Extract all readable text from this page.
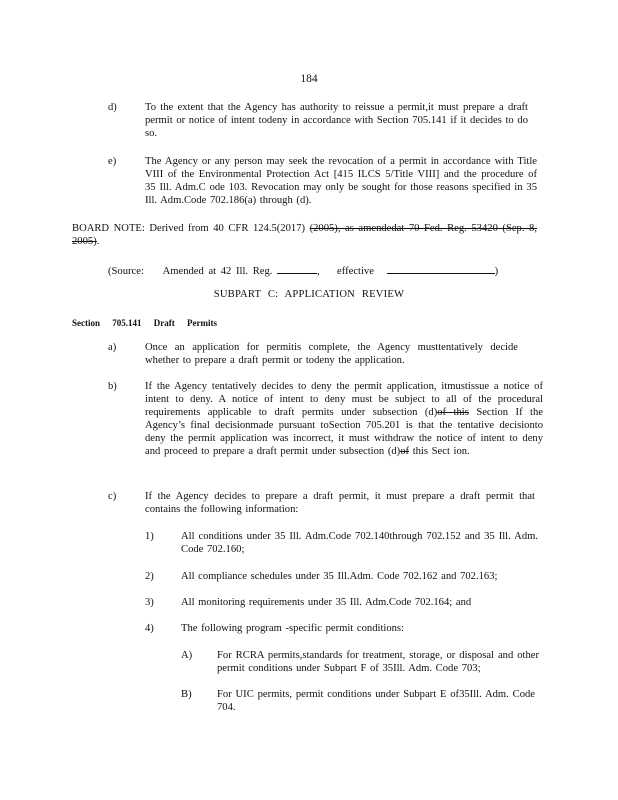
184
d)	To the extent that the Agency has authority to reissue a permit,it must prepare a draft permit or notice of intent todeny in accordance with Section 705.141 if it decides to do so.
e)	The Agency or any person may seek the revocation of a permit in accordance with Title VIII of the Environmental Protection Act [415 ILCS 5/Title VIII] and the procedure of 35 Ill. Adm.C ode 103. Revocation may only be sought for those reasons specified in 35 Ill. Adm.Code 702.186(a) through (d).
BOARD NOTE: Derived from 40 CFR 124.5(2017) (2005), as amendedat 70 Fed. Reg. 53420 (Sep. 8, 2005).
(Source: Amended at 42 Ill. Reg.	, effective	)
SUBPART C: APPLICATION REVIEW
Section 705.141 Draft Permits
a)	Once an application for permitis complete, the Agency musttentatively decide whether to prepare a draft permit or todeny the application.
b)	If the Agency tentatively decides to deny the permit application, itmustissue a notice of intent to deny. A notice of intent to deny must be subject to all of the procedural requirements applicable to draft permits under subsection (d)of this Section If the Agency’s final decisionmade pursuant toSection 705.201 is that the tentative decisionto deny the permit application was incorrect, it must withdraw the notice of intent to deny and proceed to prepare a draft permit under subsection (d)of this Sect ion.
c)	If the Agency decides to prepare a draft permit, it must prepare a draft permit that contains the following information:
1)	All conditions under 35 Ill. Adm.Code 702.140through 702.152 and 35 Ill. Adm. Code 702.160;
2)	All compliance schedules under 35 Ill.Adm. Code 702.162 and 702.163;
3)	All monitoring requirements under 35 Ill. Adm.Code 702.164; and
4)	The following program -specific permit conditions:
A) For RCRA permits,standards for treatment, storage, or disposal and other permit conditions under Subpart F of 35Ill. Adm. Code 703;
B) For UIC permits, permit conditions under Subpart E of35Ill. Adm. Code 704.
